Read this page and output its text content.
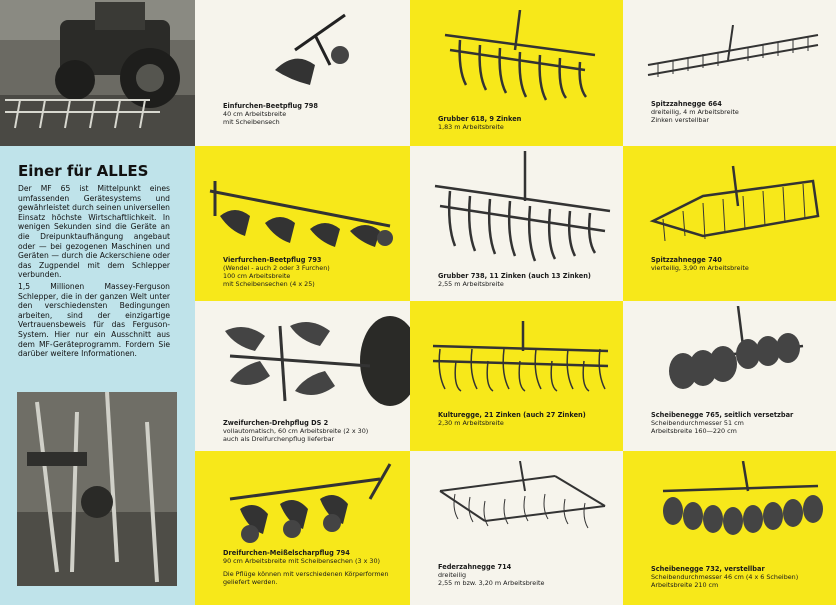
Einer für ALLES

Der MF 65 ist Mittelpunkt eines umfassenden Gerätesystems und gewährleistet durch seinen universellen Einsatz höchste Wirtschaftlichkeit. In wenigen Sekunden sind die Geräte an die Dreipunktaufhängung angebaut oder — bei gezogenen Maschinen und Geräten — durch die Ackerschiene oder das Zugpendel mit dem Schlepper verbunden.

1,5 Millionen Massey-Ferguson Schlepper, die in der ganzen Welt unter den verschiedensten Bedingungen arbeiten, sind der einzigartige Vertrauensbeweis für das Ferguson-System. Hier nur ein Ausschnitt aus dem MF-Geräteprogramm. Fordern Sie darüber weitere Informationen.

Einfurchen-Beetpflug 798
40 cm Arbeitsbreite
mit Scheibensech	Grubber 618, 9 Zinken
1,83 m Arbeitsbreite
Spitzzahnegge 664
dreiteilig, 4 m Arbeitsbreite
Zinken verstellbar
Vierfurchen-Beetpflug 793
(Wendel - auch 2 oder 3 Furchen)
100 cm Arbeitsbreite
mit Scheibensechen (4 x 25)
Grubber 738, 11 Zinken (auch 13 Zinken)
2,55 m Arbeitsbreite
Spitzzahnegge 740
vierteilig, 3,90 m Arbeitsbreite
Zweifurchen-Drehpflug DS 2
vollautomatisch, 60 cm Arbeitsbreite (2 x 30)
auch als Dreifurchenpflug lieferbar
Kulturegge, 21 Zinken (auch 27 Zinken)
2,30 m Arbeitsbreite
Scheibenegge 765, seitlich versetzbar
Scheibendurchmesser 51 cm
Arbeitsbreite 160—220 cm
Dreifurchen-Meißelscharpflug 794
90 cm Arbeitsbreite mit Scheibensechen (3 x 30)
Die Pflüge können mit verschiedenen Körperformen
geliefert werden.
Federzahnegge 714
dreiteilig
2,55 m bzw. 3,20 m Arbeitsbreite
Scheibenegge 732, verstellbar
Scheibendurchmesser 46 cm (4 x 6 Scheiben)
Arbeitsbreite 210 cm
